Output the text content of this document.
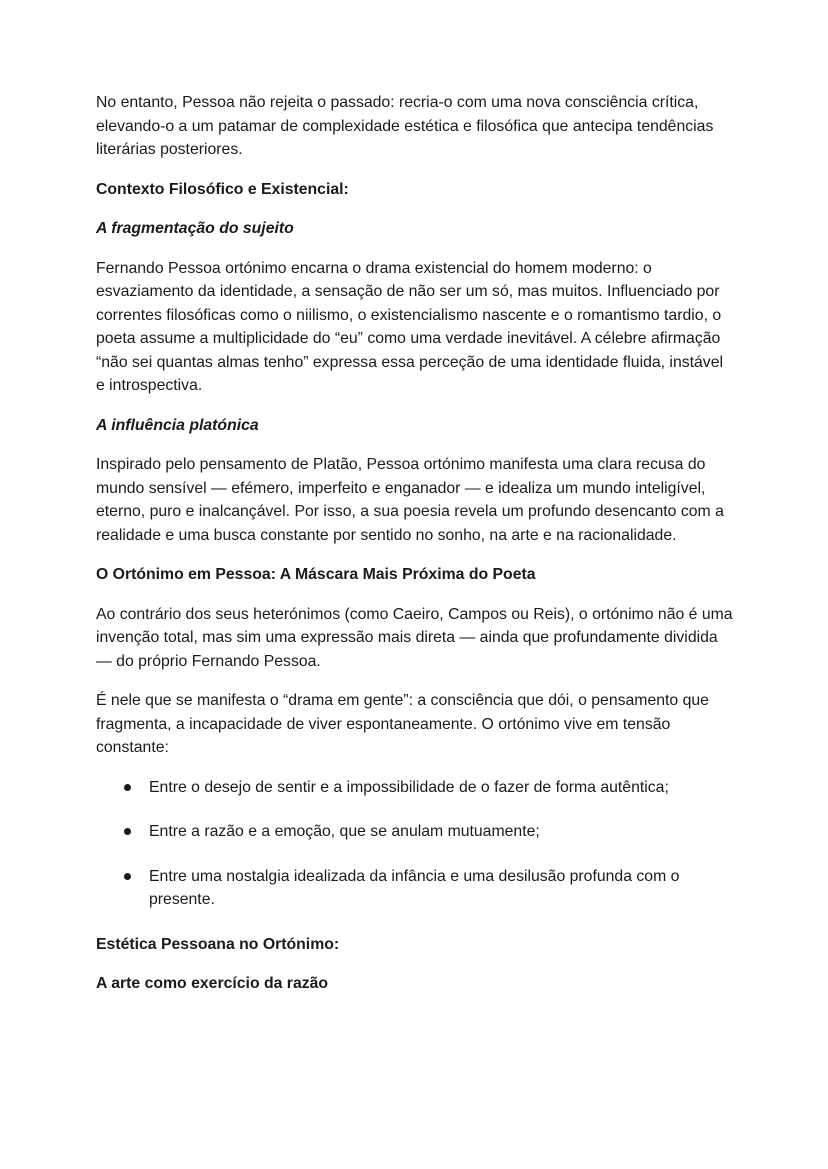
No entanto, Pessoa não rejeita o passado: recria-o com uma nova consciência crítica, elevando-o a um patamar de complexidade estética e filosófica que antecipa tendências literárias posteriores.

Contexto Filosófico e Existencial:

A fragmentação do sujeito

Fernando Pessoa ortónimo encarna o drama existencial do homem moderno: o esvaziamento da identidade, a sensação de não ser um só, mas muitos. Influenciado por correntes filosóficas como o niilismo, o existencialismo nascente e o romantismo tardio, o poeta assume a multiplicidade do “eu” como uma verdade inevitável. A célebre afirmação “não sei quantas almas tenho” expressa essa perceção de uma identidade fluida, instável e introspectiva.

A influência platónica

Inspirado pelo pensamento de Platão, Pessoa ortónimo manifesta uma clara recusa do mundo sensível — efémero, imperfeito e enganador — e idealiza um mundo inteligível, eterno, puro e inalcançável. Por isso, a sua poesia revela um profundo desencanto com a realidade e uma busca constante por sentido no sonho, na arte e na racionalidade.

O Ortónimo em Pessoa: A Máscara Mais Próxima do Poeta

Ao contrário dos seus heterónimos (como Caeiro, Campos ou Reis), o ortónimo não é uma invenção total, mas sim uma expressão mais direta — ainda que profundamente dividida — do próprio Fernando Pessoa.

É nele que se manifesta o “drama em gente”: a consciência que dói, o pensamento que fragmenta, a incapacidade de viver espontaneamente. O ortónimo vive em tensão constante:

Entre o desejo de sentir e a impossibilidade de o fazer de forma autêntica;
Entre a razão e a emoção, que se anulam mutuamente;
Entre uma nostalgia idealizada da infância e uma desilusão profunda com o presente.

Estética Pessoana no Ortónimo:

A arte como exercício da razão
